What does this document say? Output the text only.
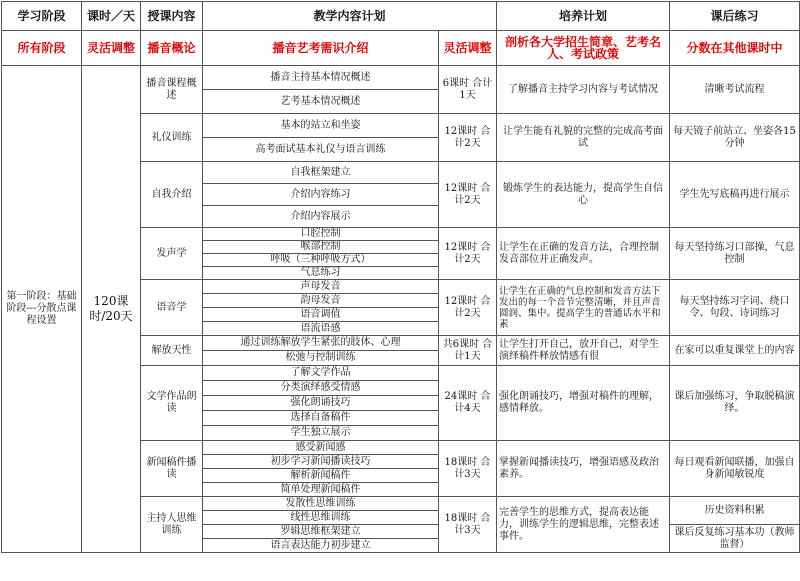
学习阶段	课时／天	授课内容	教学内容计划		培养计划	课后练习
所有阶段	灵活调整	播音概论	播音艺考需识介绍	灵活调整	剖析各大学招生简章、艺考名人、考试政策	分数在其他课时中
第一阶段：基础阶段---分散点课程设置	120课时/20天	播音课程概述	播音主持基本情况概述	6课时 合计1天	了解播音主持学习内容与考试情况	清晰考试流程
			艺考基本情况概述			
		礼仪训练	基本的站立和坐姿	12课时 合计2天	让学生能有礼貌的完整的完成高考面试	每天镜子前站立、坐姿各15分钟
			高考面试基本礼仪与语言训练			
		自我介绍	自我框架建立	12课时 合计2天	锻炼学生的表达能力，提高学生自信心	学生先写底稿再进行展示
			介绍内容练习			
			介绍内容展示			
		发声学	口腔控制	12课时 合计2天	让学生在正确的发音方法，合理控制发音部位并正确发声。	每天坚持练习口部操，气息控制
			喉部控制			
			呼吸（三种呼吸方式）			
			气息练习			
		语音学	声母发音	12课时 合计2天	让学生在正确的气息控制和发音方法下发出的每一个音节完整清晰，并且声音圆润、集中。提高学生的普通话水平和素	每天坚持练习字词、绕口令、句段、诗词练习
			韵母发音			
			语音调值			
			语流语感			
		解放天性	通过训练解放学生紧张的肢体、心理	共6课时 合计1天	让学生打开自己，放开自己，对学生演绎稿件释放情感有很	在家可以重复课堂上的内容
			松弛与控制训练			
		文学作品朗读	了解文学作品	24课时 合计4天	强化朗诵技巧，增强对稿件的理解，感情释放。	课后加强练习，争取脱稿演绎。
			分类演绎感受情感			
			强化朗诵技巧			
			选择自备稿件			
			学生独立展示			
		新闻稿件播读	感受新闻感	18课时 合计3天	掌握新闻播读技巧，增强语感及政治素养。	每日观看新闻联播，加强自身新闻敏锐度
			初步学习新闻播读技巧			
			解析新闻稿件			
			简单处理新闻稿件			
		主持人思维训练	发散性思维训练	18课时 合计3天	完善学生的思维方式，提高表达能力，训练学生的逻辑思维，完整表述事件。	历史资料积累
			线性思维训练			
			罗辑思维框架建立			课后反复练习基本功（教师监督）
			语言表达能力初步建立			
